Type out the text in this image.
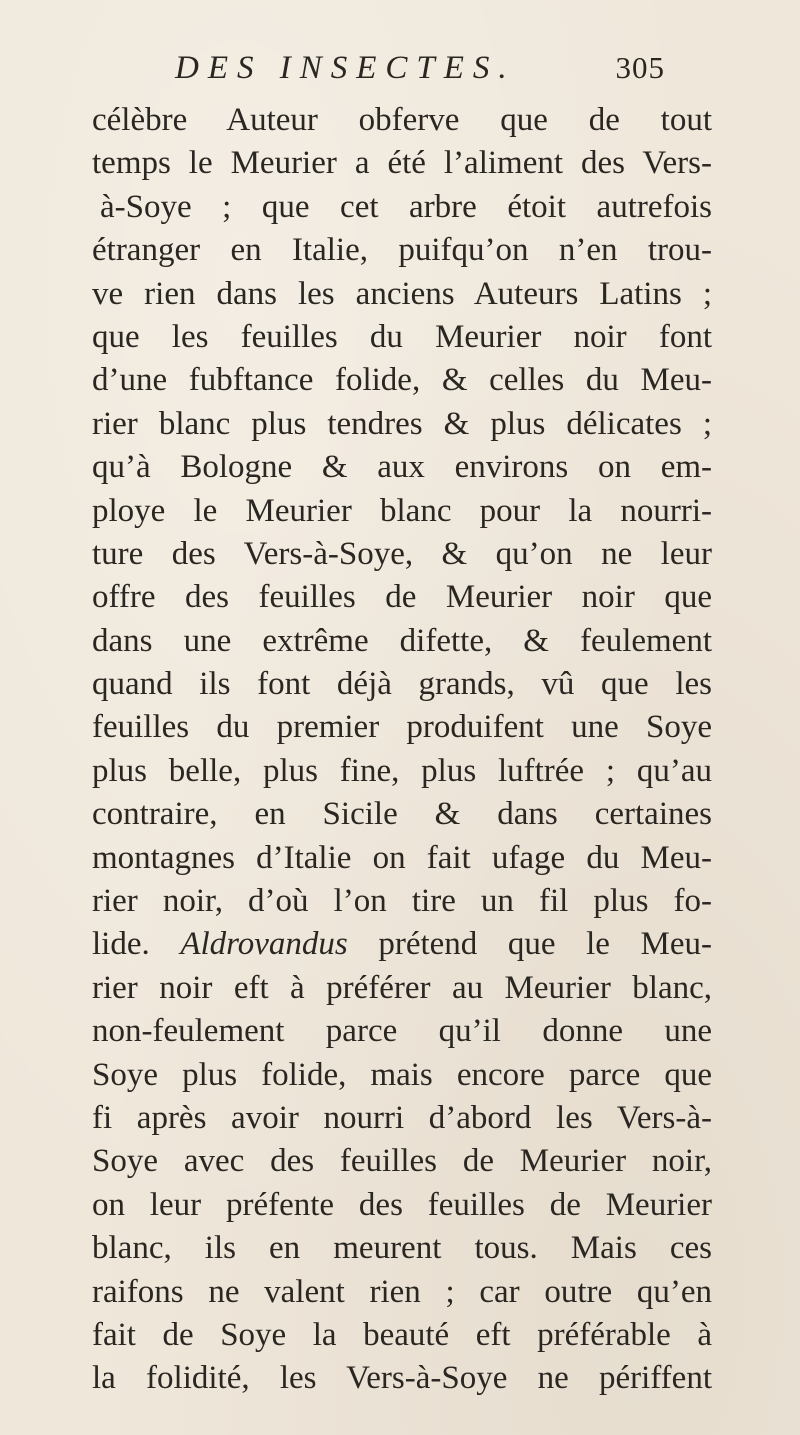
DES INSECTES.	305
célèbre Auteur obferve que de tout
temps le Meurier a été l’aliment des Vers-
à-Soye ; que cet arbre étoit autrefois
étranger en Italie, puifqu’on n’en trou-
ve rien dans les anciens Auteurs Latins ;
que les feuilles du Meurier noir font
d’une fubftance folide, & celles du Meu-
rier blanc plus tendres & plus délicates ;
qu’à Bologne & aux environs on em-
ploye le Meurier blanc pour la nourri-
ture des Vers-à-Soye, & qu’on ne leur
offre des feuilles de Meurier noir que
dans une extrême difette, & feulement
quand ils font déjà grands, vû que les
feuilles du premier produifent une Soye
plus belle, plus fine, plus luftrée ; qu’au
contraire, en Sicile & dans certaines
montagnes d’Italie on fait ufage du Meu-
rier noir, d’où l’on tire un fil plus fo-
lide. Aldrovandus prétend que le Meu-
rier noir eft à préférer au Meurier blanc,
non-feulement parce qu’il donne une
Soye plus folide, mais encore parce que
fi après avoir nourri d’abord les Vers-à-
Soye avec des feuilles de Meurier noir,
on leur préfente des feuilles de Meurier
blanc, ils en meurent tous. Mais ces
raifons ne valent rien ; car outre qu’en
fait de Soye la beauté eft préférable à
la folidité, les Vers-à-Soye ne périffent
